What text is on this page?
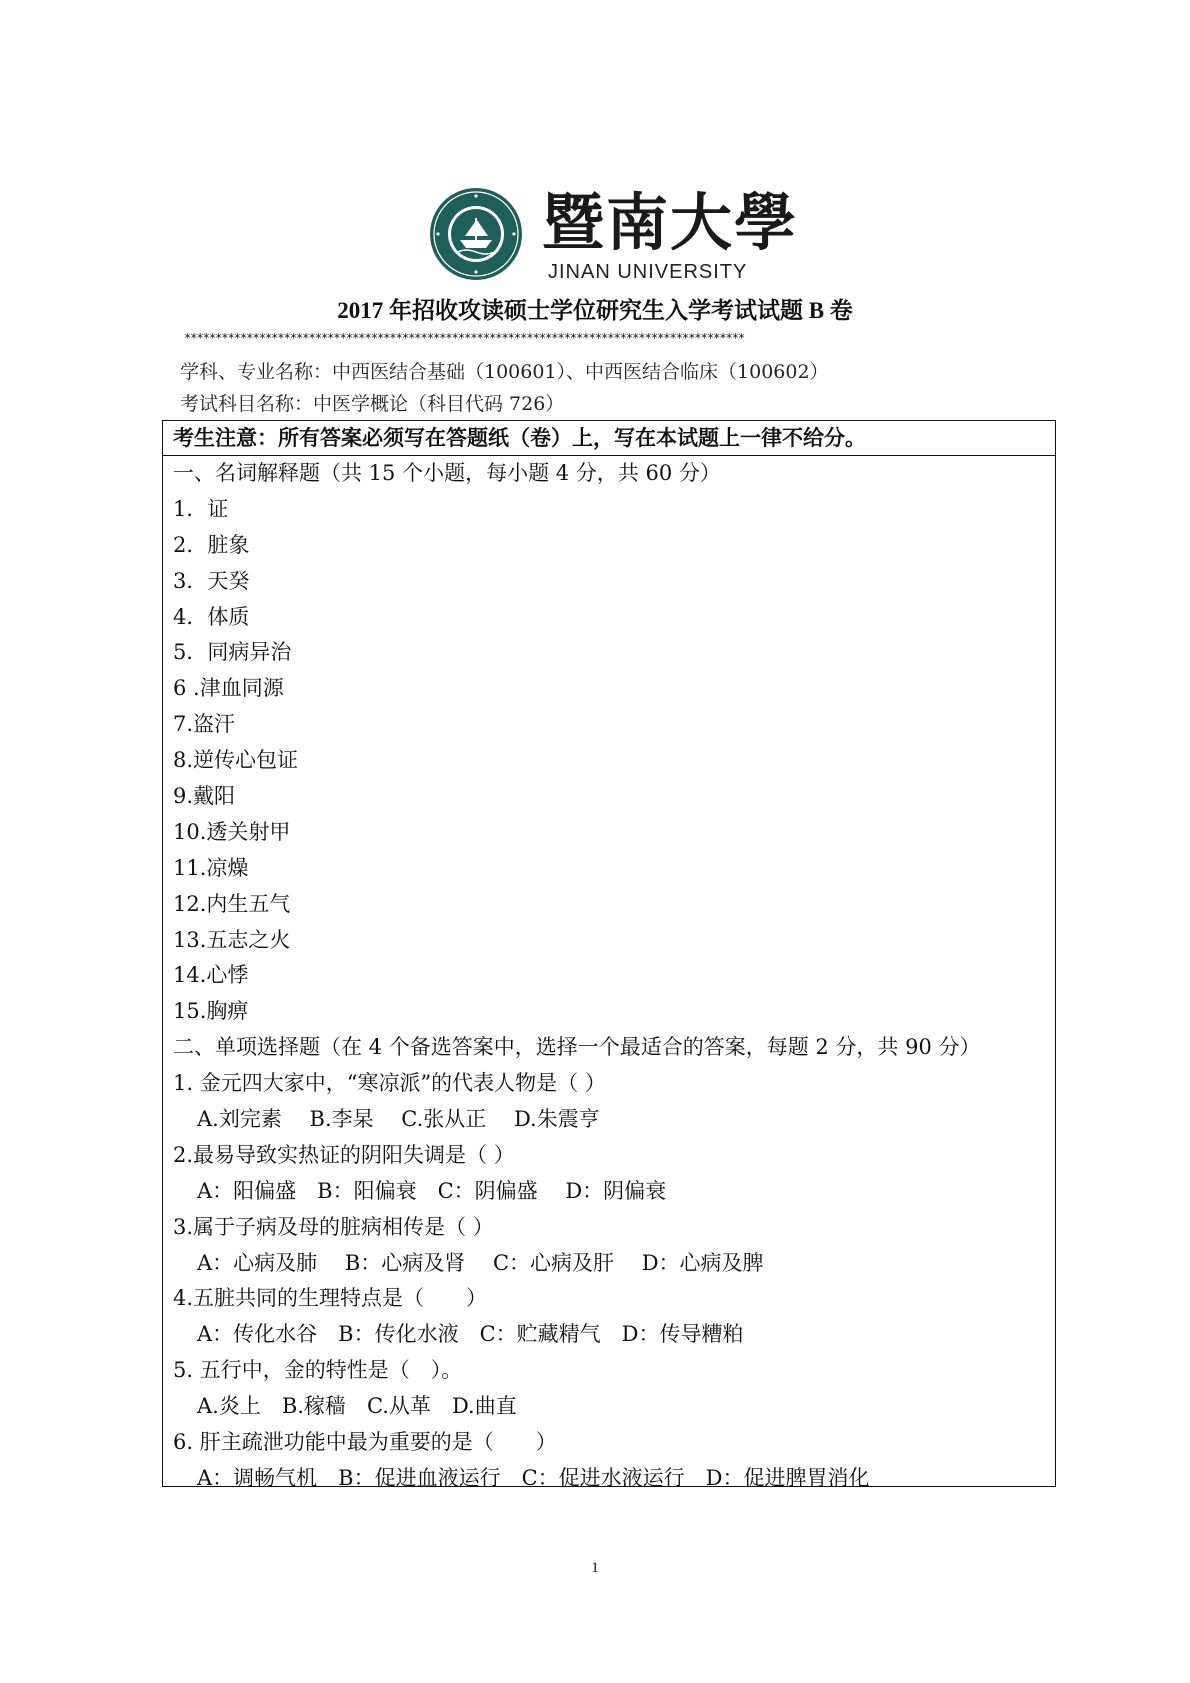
暨南大學
JINAN UNIVERSITY
2017 年招收攻读硕士学位研究生入学考试试题 B 卷
******************************************************************************************
学科、专业名称：中西医结合基础（100601）、中西医结合临床（100602）
考试科目名称：中医学概论（科目代码 726）
考生注意：所有答案必须写在答题纸（卷）上，写在本试题上一律不给分。
一、名词解释题（共 15 个小题，每小题 4 分，共 60 分）
1．证
2．脏象
3．天癸
4．体质
5．同病异治
6 .津血同源
7.盗汗
8.逆传心包证
9.戴阳
10.透关射甲
11.凉燥
12.内生五气
13.五志之火
14.心悸
15.胸痹
二、单项选择题（在 4 个备选答案中，选择一个最适合的答案，每题 2 分，共 90 分）
1. 金元四大家中，“寒凉派”的代表人物是（ ）
A.刘完素　 B.李杲　 C.张从正　 D.朱震亨
2.最易导致实热证的阴阳失调是（ ）
A：阳偏盛　B：阳偏衰　C：阴偏盛　 D：阴偏衰
3.属于子病及母的脏病相传是（ ）
A：心病及肺　 B：心病及肾　 C：心病及肝　 D：心病及脾
4.五脏共同的生理特点是（　　）
A：传化水谷　B：传化水液　C：贮藏精气　D：传导糟粕
5. 五行中，金的特性是（　）。
A.炎上　B.稼穑　C.从革　D.曲直
6. 肝主疏泄功能中最为重要的是（　　）
A：调畅气机　B：促进血液运行　C：促进水液运行　D：促进脾胃消化
1
